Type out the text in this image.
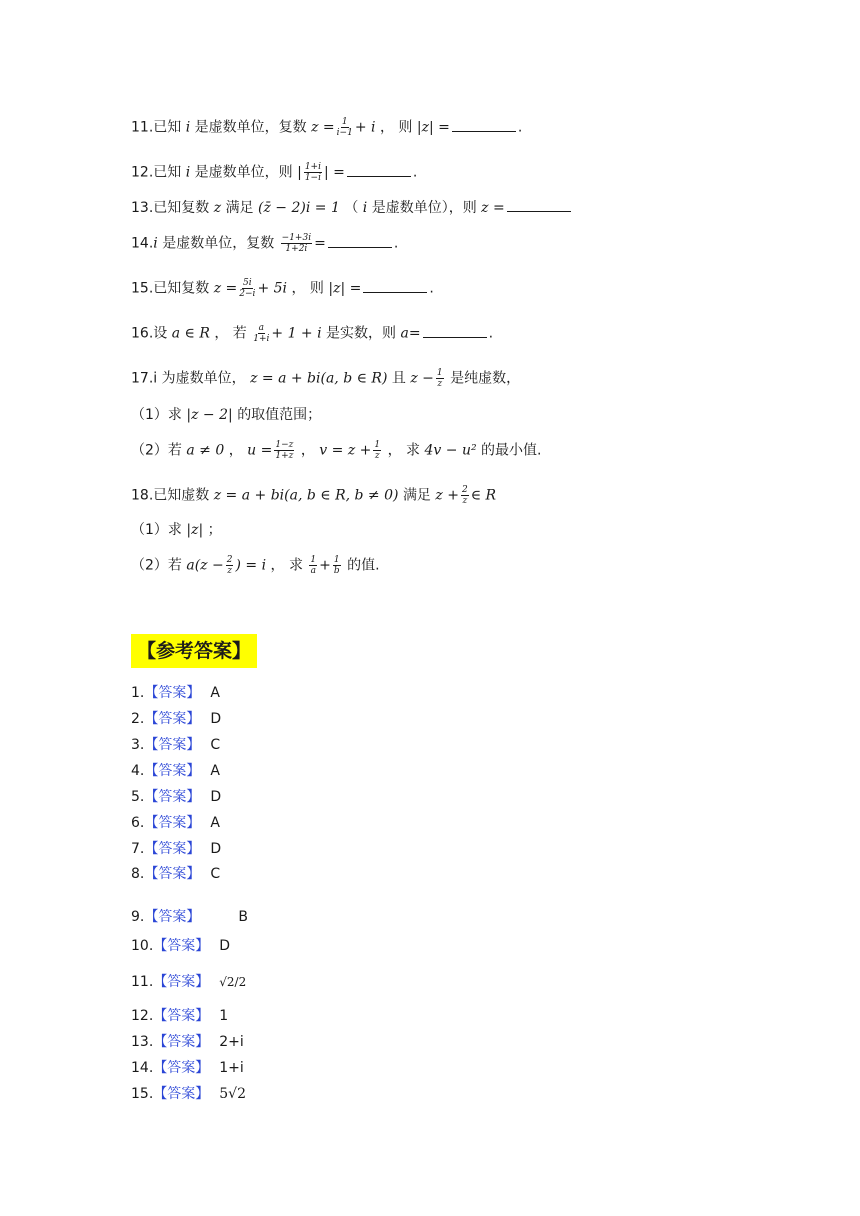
11.已知 i 是虚数单位，复数 $z = \frac{1}{i-1} + i$ ， 则 |z| =	.
12.已知 i 是虚数单位，则 | $\frac{1+i}{1-i}$ | =	.
13.已知复数 z 满足 (z̄ − 2)i = 1 （ i 是虚数单位），则 z =
14.i 是虚数单位，复数 $\frac{-1+3i}{1+2i}$ =	.
15.已知复数 $z = \frac{5i}{2-i} + 5i$ ， 则 |z| =	.
16.设 a ∈ R ， 若 $\frac{a}{1+i} + 1 + i$ 是实数，则 a=	.
17.i 为虚数单位， z = a + bi(a, b ∈ R) 且 $z - \frac{1}{z}$ 是纯虚数，
（1）求 |z − 2| 的取值范围；
（2）若 a ≠ 0 ， $u = \frac{1-z}{1+z}$ ， $v = z + \frac{1}{z}$ ， 求 4v − u² 的最小值.
18.已知虚数 z = a + bi(a, b ∈ R, b ≠ 0) 满足 $z + \frac{2}{z}$ ∈ R
（1）求 |z| ；
（2）若 $a(z - \frac{2}{z}$ ) = i ， 求 $\frac{1}{a} + \frac{1}{b}$ 的值.
【参考答案】
1.【答案】 A
2.【答案】 D
3.【答案】 C
4.【答案】 A
5.【答案】 D
6.【答案】 A
7.【答案】 D
8.【答案】 C
9.【答案】	B
10.【答案】 D
11.【答案】 √2/2
12.【答案】 1
13.【答案】 2+i
14.【答案】 1+i
15.【答案】 5√2
